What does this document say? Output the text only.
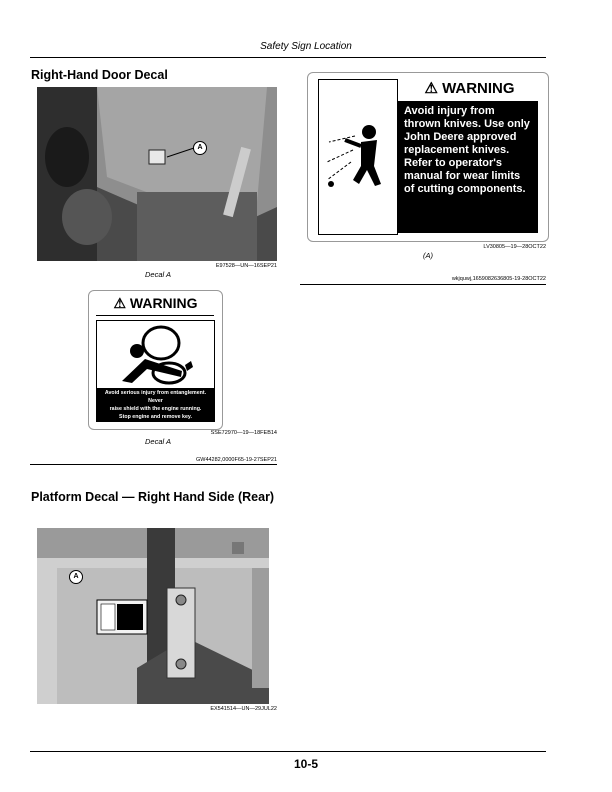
Safety Sign Location
Right-Hand Door Decal
A
E97528—UN—16SEP21
Decal A
⚠ WARNING
Avoid serious injury from entanglement. Never
raise shield with the engine running.
Stop engine and remove key.
SSE72970—19—18FEB14
Decal A
GW44282,0000F65-19-27SEP21
Platform Decal — Right Hand Side (Rear)
A
EX541514—UN—29JUL22
⚠ WARNING
Avoid injury from thrown knives. Use only John Deere approved replacement knives. Refer to operator's manual for wear limits of cutting components.
LV30805—19—28OCT22
(A)
wkjquwj,1659082636805-19-28OCT22
10-5
